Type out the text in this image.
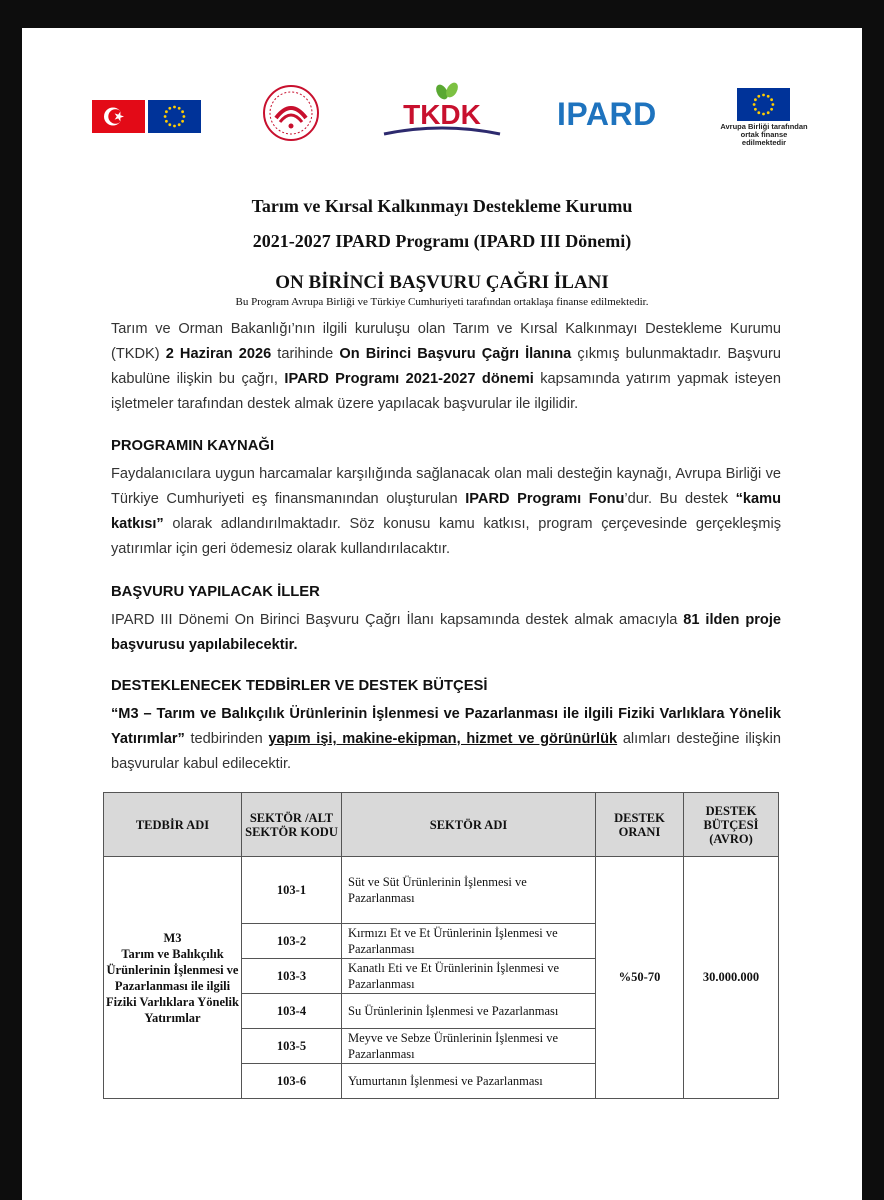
TKDK IPARD	Avrupa Birliği tarafından ortak finanse edilmektedir
Tarım ve Kırsal Kalkınmayı Destekleme Kurumu
2021-2027 IPARD Programı (IPARD III Dönemi)
ON BİRİNCİ BAŞVURU ÇAĞRI İLANI
Bu Program Avrupa Birliği ve Türkiye Cumhuriyeti tarafından ortaklaşa finanse edilmektedir.
Tarım ve Orman Bakanlığı’nın ilgili kuruluşu olan Tarım ve Kırsal Kalkınmayı Destekleme Kurumu (TKDK) 2 Haziran 2026 tarihinde On Birinci Başvuru Çağrı İlanına çıkmış bulunmaktadır. Başvuru kabulüne ilişkin bu çağrı, IPARD Programı 2021-2027 dönemi kapsamında yatırım yapmak isteyen işletmeler tarafından destek almak üzere yapılacak başvurular ile ilgilidir.
PROGRAMIN KAYNAĞI
Faydalanıcılara uygun harcamalar karşılığında sağlanacak olan mali desteğin kaynağı, Avrupa Birliği ve Türkiye Cumhuriyeti eş finansmanından oluşturulan IPARD Programı Fonu’dur. Bu destek “kamu katkısı” olarak adlandırılmaktadır. Söz konusu kamu katkısı, program çerçevesinde gerçekleşmiş yatırımlar için geri ödemesiz olarak kullandırılacaktır.
BAŞVURU YAPILACAK İLLER
IPARD III Dönemi On Birinci Başvuru Çağrı İlanı kapsamında destek almak amacıyla 81 ilden proje başvurusu yapılabilecektir.
DESTEKLENECEK TEDBİRLER VE DESTEK BÜTÇESİ
“M3 – Tarım ve Balıkçılık Ürünlerinin İşlenmesi ve Pazarlanması ile ilgili Fiziki Varlıklara Yönelik Yatırımlar” tedbirinden yapım işi, makine-ekipman, hizmet ve görünürlük alımları desteğine ilişkin başvurular kabul edilecektir.
TEDBİR ADI	SEKTÖR /ALT SEKTÖR KODU	SEKTÖR ADI	DESTEK ORANI	DESTEK BÜTÇESİ (AVRO)

M3
Tarım ve Balıkçılık Ürünlerinin İşlenmesi ve Pazarlanması ile ilgili Fiziki Varlıklara Yönelik Yatırımlar	103-1	Süt ve Süt Ürünlerinin İşlenmesi ve Pazarlanması	%50-70	30.000.000
	103-2	Kırmızı Et ve Et Ürünlerinin İşlenmesi ve Pazarlanması		
	103-3	Kanatlı Eti ve Et Ürünlerinin İşlenmesi ve Pazarlanması		
	103-4	Su Ürünlerinin İşlenmesi ve Pazarlanması		
	103-5	Meyve ve Sebze Ürünlerinin İşlenmesi ve Pazarlanması		
	103-6	Yumurtanın İşlenmesi ve Pazarlanması		
